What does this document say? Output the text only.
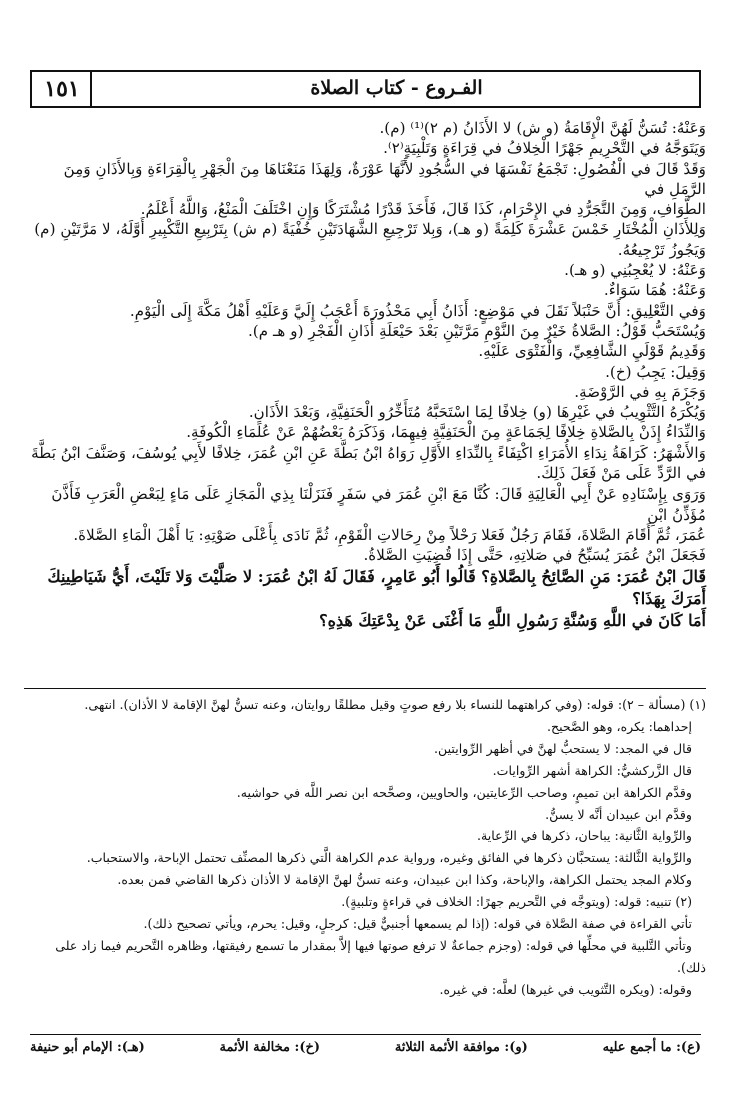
١٥١	الفـروع - كتاب الصلاة

وَعَنْهُ: تُسَنُّ لَهُنَّ الْإِقَامَةُ (و ش) لا الأَذَانُ (م ٢)⁽¹⁾ (م).

وَيَتَوَجَّهُ في التَّحْرِيمِ جَهْرًا الْخِلافُ في قِرَاءَةٍ وَتَلْبِيَةٍ⁽٢⁾.

وَقَدْ قَالَ في الْفُصُولِ: تَجْمَعُ نَفْسَهَا في السُّجُودِ لأَنَّهَا عَوْرَةٌ، وَلِهَذَا مَنَعْنَاهَا مِنَ الْجَهْرِ بِالْقِرَاءَةِ وَبِالأَذَانِ وَمِنَ الرَّمَلِ في

الطَّوَافِ، وَمِنَ التَّجَرُّدِ في الإِحْرَامِ، كَذَا قَالَ، فَأَخَذَ قَدْرًا مُشْتَرَكًا وَإِنِ اخْتَلَفَ الْمَنْعُ، وَاللَّهُ أَعْلَمُ.

وَلِلأَذَانِ الْمُخْتَارِ خَمْسَ عَشْرَةَ كَلِمَةً (و هـ)، وَبِلا تَرْجِيعِ الشَّهَادَتَيْنِ خُفْيَةً (م ش) بِتَرْبِيعِ التَّكْبِيرِ أَوَّلَهُ، لا مَرَّتَيْنِ (م)

وَيَجُوزُ تَرْجِيعُهُ.

وَعَنْهُ: لا يُعْجِبُنِي (و هـ).

وَعَنْهُ: هُمَا سَوَاءٌ.

وَفي التَّعْلِيقِ: أَنَّ حَنْبَلاً نَقَلَ في مَوْضِعٍ: أَذَانُ أَبِي مَحْذُورَةَ أَعْجَبُ إِلَيَّ وَعَلَيْهِ أَهْلُ مَكَّةَ إِلَى الْيَوْمِ.

وَيُسْتَحَبُّ قَوْلُ: الصَّلاةُ خَيْرٌ مِنَ النَّوْمِ مَرَّتَيْنِ بَعْدَ حَيْعَلَةِ أَذَانِ الْفَجْرِ (و هـ م).

وَقَدِيمُ قَوْلَيِ الشَّافِعِيِّ، وَالْفَتْوَى عَلَيْهِ.

وَقِيلَ: يَجِبُ (خ).

وَجَزَمَ بِهِ في الرَّوْضَةِ.

وَيُكْرَهُ التَّثْوِيبُ في غَيْرِهَا (و) خِلافًا لِمَا اسْتَحَبَّهُ مُتَأَخِّرُو الْحَنَفِيَّةِ، وَبَعْدَ الأَذَانِ.

وَالنِّدَاءُ إِذَنْ بِالصَّلاةِ خِلافًا لِجَمَاعَةٍ مِنَ الْحَنَفِيَّةِ فِيهِمَا، وَذَكَرَهُ بَعْضُهُمْ عَنْ عُلَمَاءِ الْكُوفَةِ.

وَالأَشْهَرُ: كَرَاهَةُ نِدَاءِ الأُمَرَاءِ اكْتِفَاءً بِالنِّدَاءِ الأَوَّلِ رَوَاهُ ابْنُ بَطَّةَ عَنِ ابْنِ عُمَرَ، خِلافًا لأَبِي يُوسُفَ، وَصَنَّفَ ابْنُ بَطَّةَ

في الرَّدِّ عَلَى مَنْ فَعَلَ ذَلِكَ.

وَرَوَى بِإِسْنَادِهِ عَنْ أَبِي الْعَالِيَةِ قَالَ: كُنَّا مَعَ ابْنِ عُمَرَ في سَفَرٍ فَنَزَلْنَا بِذِي الْمَجَازِ عَلَى مَاءٍ لِبَعْضِ الْعَرَبِ فَأَذَّنَ مُؤَذِّنُ ابْنِ

عُمَرَ، ثُمَّ أَقَامَ الصَّلاةَ، فَقَامَ رَجُلٌ فَعَلا رَحْلاً مِنْ رِحَالاتِ الْقَوْمِ، ثُمَّ نَادَى بِأَعْلَى صَوْتِهِ: يَا أَهْلَ الْمَاءِ الصَّلاةَ.

فَجَعَلَ ابْنُ عُمَرَ يُسَبِّحُ في صَلاتِهِ، حَتَّى إِذَا قُضِيَتِ الصَّلاةُ.

قَالَ ابْنُ عُمَرَ: مَنِ الصَّائِحُ بِالصَّلاةِ؟ قَالُوا أَبُو عَامِرٍ، فَقَالَ لَهُ ابْنُ عُمَرَ: لا صَلَّيْتَ وَلا تَلَيْتَ، أَيُّ شَيَاطِينِكَ أَمَرَكَ بِهَذَا؟

أَمَا كَانَ في اللَّهِ وَسُنَّةِ رَسُولِ اللَّهِ مَا أَغْنَى عَنْ بِدْعَتِكَ هَذِهِ؟

(١) (مسألة – ٢): قوله: (وفي كراهتهما للنساء بلا رفع صوتٍ وقيل مطلقًا روايتان، وعنه تسنُّ لهنَّ الإقامة لا الأذان). انتهى.

إحداهما: يكره، وهو الصَّحيح.

قال في المجد: لا يستحبُّ لهنَّ في أظهر الرِّوايتين.

قال الزَّركشيُّ: الكراهة أشهر الرِّوايات.

وقدَّم الكراهة ابن تميمٍ، وصاحب الرِّعايتين، والحاويين، وصحَّحه ابن نصر اللَّه في حواشيه.

وقدَّم ابن عبيدان أنَّه لا يسنُّ.

والرِّواية الثَّانية: يباحان، ذكرها في الرِّعاية.

والرِّواية الثَّالثة: يستحبَّان ذكرها في الفائق وغيره، ورواية عدم الكراهة الَّتي ذكرها المصنِّف تحتمل الإباحة، والاستحباب.

وكلام المجد يحتمل الكراهة، والإباحة، وكذا ابن عبيدان، وعنه تسنُّ لهنَّ الإقامة لا الأذان ذكرها القاضي فمن بعده.

(٢) تنبيه: قوله: (ويتوجَّه في التَّحريم جهرًا: الخلاف في قراءةٍ وتلبيةٍ).

تأتي القراءة في صفة الصَّلاة في قوله: (إذا لم يسمعها أجنبيٌّ قيل: كرجلٍ، وقيل: يحرم، ويأتي تصحيح ذلك).

وتأتي التَّلبية في محلِّها في قوله: (وجزم جماعةٌ لا ترفع صوتها فيها إلاَّ بمقدار ما تسمع رفيقتها، وظاهره التَّحريم فيما زاد على

ذلك).

وقوله: (ويكره التَّثويب في غيرها) لعلَّه: في غيره.

(ع): ما أجمع عليه
(و): موافقة الأئمة الثلاثة
(خ): مخالفة الأئمة
(هـ): الإمام أبو حنيفة
